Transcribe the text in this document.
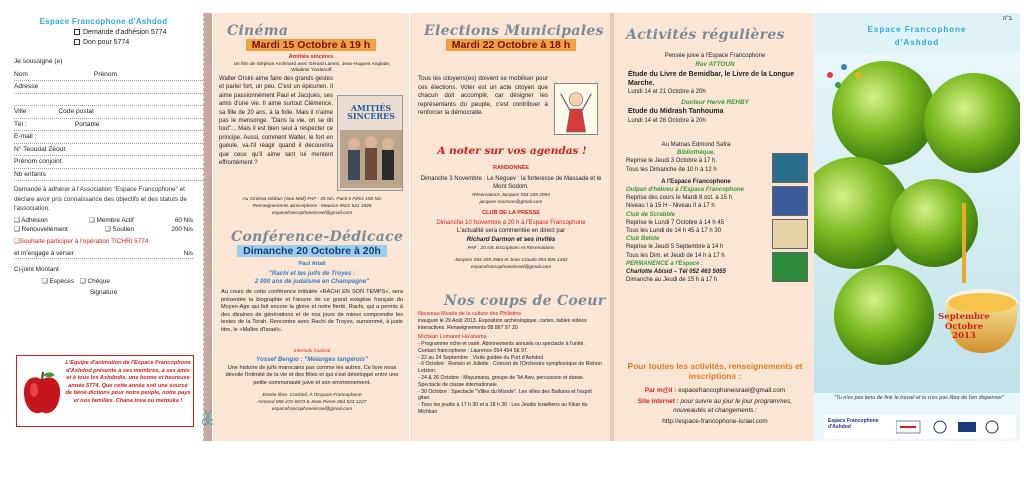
Espace Francophone d'Ashdod
Demande d'adhésion 5774
Don pour 5774
Je soussigné (e)
Nom	Prénom
Adresse
Ville	Code postal
Tél :	Portable
E-mail :
N° Teoudat Zéout
Prénom conjoint
Nb enfants
Demande à adhérer à l'Association "Espace Francophone" et déclare avoir pris connaissance des objectifs et des statuts de l'association.
❑ Adhésion	❑ Membre Actif	60 Nis
❑ Renouvellement	❑ Soutien	200 Nis
❑ Souhaite participer à l'opération TICHRI 5774
et m'engage à verser	Nis
Ci-joint Montant
❑ Espèces ❑ Chèque
Signature
L'Equipe d'animation de l'Espace Francophone d'Ashdod présente à ses membres, à ses amis et à tous les Ashdodis, une bonne et heureuse année 5774. Que cette année soit une source de béné-dictions pour notre peuple, notre pays et nos familles. Chana tova ou metouka !
Cinéma
Mardi 15 Octobre à 19 h
Amitiés sincères
Un film de Stéphan Archinard avec Gérard Lanvin, Jean-Hugues Anglade, Wladimir Yordanoff.
Walter Orsini aime faire des grands gestes et parler fort, un peu. C'est un épicurien. Il aime passionnément Paul et Jacques, ses amis d'une vie. Il aime surtout Clémence, sa fille de 20 ans, à la folie. Mais il n'aime pas le mensonge. "Dans la vie, on se dit tout"... Mais il est bien seul à respecter ce principe. Aussi, comment Walter, le fort en gueule, va-t'il réagir quand il découvrira que ceux qu'il aime tant lui mentent effrontément ?
AMITIÉS SINCÈRES
Au Cinéma Globus (Sea Mall) PAF : 35 Nis. Pack 6 Films 150 Nis
Renseignements &inscriptions : Maurice 0522 531 1826
espacefrancophoneisrael@gmail.com
Conférence-Dédicace
Dimanche 20 Octobre à 20h
Paul Attali
"Rachi et les juifs de Troyes :
2 000 ans de judaïsme en Champagne"
Au cours de cette conférence intitulée «RACHI EN SON TEMPS», sera présentée la biographie et l'œuvre de ce grand exégèse français du Moyen-Age qui fait encore la gloire et notre fierté, Rachi, qui a permis à des dizaines de générations et de nos jours de mieux comprendre les textes de la Torah. Rencontre avec Rachi de Troyes, surnommé, à juste titre, le «Maître d'Israël».
Interlude musical
Yossef Bengio : "Mélanges tangérois"
Une histoire de juifs marocains pas comme les autres. Ce livre nous dévoile l'intimité de la vie et des fêtes et qui s'est développé entre une petite communauté juive et son environnement.
Entrée libre. Cocktail. À l'Espace Francophone
Armond 058 472 6573 & Jean-Pierre 054 523 1227
espacefrancophoneisrael@gmail.com
Elections Municipales
Mardi 22 Octobre à 18 h
Tous les citoyens(es) doivent se mobiliser pour ces élections. Voter est un acte citoyen que chacun doit accomplir, car désigner les représentants du peuple, c'est contribuer à renforcer la démocratie.
A noter sur vos agendas !
RANDONNÉE
Dimanche 3 Novembre : Le Neguev : la forteresse de Massada et le Mont Sodom.
Réservations Jacques 054 209 2984
jacques-soussan@gmail.com
CLUB DE LA PRESSE
Dimanche 10 Novembre à 20 h à l'Espace Francophone
L'actualité sera commentée en direct par
Richard Darmon et ses invités
PAF : 20 Nis Inscriptions et Réservations
Jacques 054 209 2984 et Jean-Claude 054 806 1452
espacefrancophoneisrael@gmail.com
Nos coups de Coeur
Nouveau Musée de la culture des Philistins
inauguré le 29 Août 2013. Exposition archéologique, cartes, tables vidéos interactives. Renseignements 08 867 97 20
Michkan Lomanot Ha'abama
- Programme riche et varié. Abonnements annuels ou spectacle à l'unité. Contact francophone : Laurence 054 454 56 97.
- 22 au 24 Septembre : Visite guidée du Port d'Ashdod.
- 6 Octobre : Roméo et Juliette : Concert de l'Orchestre symphonique de Rishon Letzion.
- 24 & 26 Octobre : Mayumana, groupe de Tel Aviv, percussion et danse. Spectacle de classe internationale.
- 30 Octobre : Spectacle "Villes du Monde". Les villes des Balkans et l'esprit gitan.
- Tous les jeudis à 17 h 30 et à 18 h 30 : Les Jeudis Israéliens au Kikar du Michkan
Activités régulières
Pensée juive à l'Espace Francophone
Rav ATTOUN
Étude du Livre de Bemidbar, le Livre de la Longue Marche.
Lundi 14 et 21 Octobre à 20h
Docteur Hervé REHBY
Etude du Midrash Tanhouma
Lundi 14 et 28 Octobre à 20h
Au Matnas Edmond Safra
Bibliothèque.
Reprise le Jeudi 3 Octobre à 17 h.
Tous les Dimanche de 10 h à 12 h
A l'Espace Francophone
Oulpan d'hébreu à l'Espace Francophone
Reprise des cours le Mardi 8 oct. à 15 h
Niveau I à 15 H - Niveau II à 17 h
Club de Scrabble
Reprise le Lundi 7 Octobre à 14 h 45
Tous les Lundi de 14 h 45 à 17 h 30
Club Belote
Reprise le Jeudi 5 Septembre à 14 h
Tous les Dim. et Jeudi de 14 h à 17 h
PERMANENCE à l'Espace :
Charlotte Abisid – Tél 052 463 5055
Dimanche au Jeudi de 15 h à 17 h
Pour toutes les activités, renseignements et inscriptions :
Par m@il : espacefrancophoneisrael@gmail.com
Site internet : pour suivre au jour le jour programmes,
nouveautés et changements :
http://espace-francophone-israel.com
ב"ה
Espace Francophone
d'Ashdod
Septembre
Octobre
2013
"Tu n'es pas tenu de finir le travail et tu n'es pas libre de t'en dispenser"
Espace Francophone d'Ashdod
